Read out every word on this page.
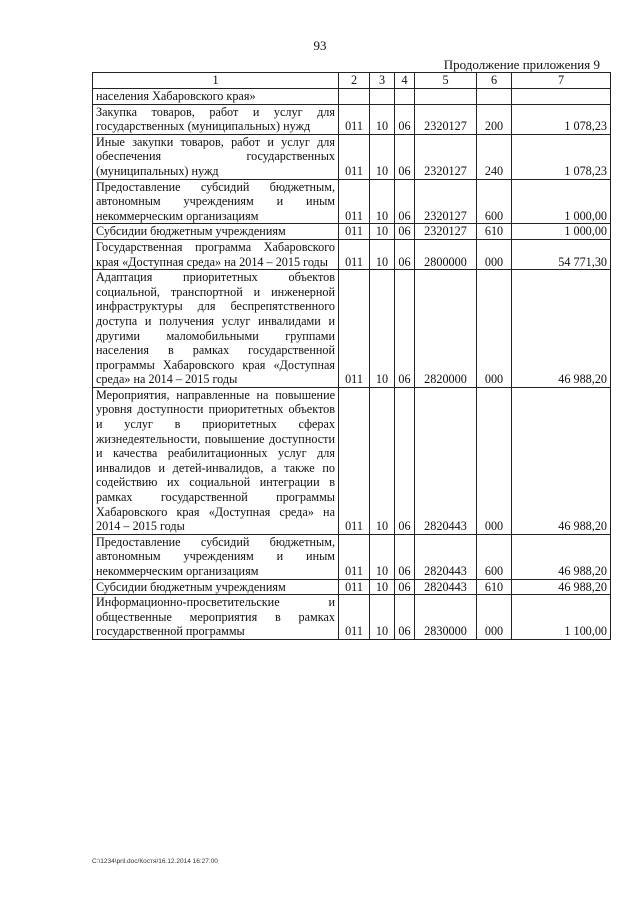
93
Продолжение приложения 9
1	2	3	4	5	6	7
населения Хабаровского края»						
Закупка товаров, работ и услуг для государственных (муниципальных) нужд	011	10	06	2320127	200	1 078,23
Иные закупки товаров, работ и услуг для обеспечения государственных (муниципальных) нужд	011	10	06	2320127	240	1 078,23
Предоставление субсидий бюджетным, автономным учреждениям и иным некоммерческим организациям	011	10	06	2320127	600	1 000,00
Субсидии бюджетным учреждениям	011	10	06	2320127	610	1 000,00
Государственная программа Хабаровского края «Доступная среда» на 2014 – 2015 годы	011	10	06	2800000	000	54 771,30
Адаптация приоритетных объектов социальной, транспортной и инженерной инфраструктуры для беспрепятственного доступа и получения услуг инвалидами и другими маломобильными группами населения в рамках государственной программы Хабаровского края «Доступная среда» на 2014 – 2015 годы	011	10	06	2820000	000	46 988,20
Мероприятия, направленные на повышение уровня доступности приоритетных объектов и услуг в приоритетных сферах жизнедеятельности, повышение доступности и качества реабилитационных услуг для инвалидов и детей-инвалидов, а также по содействию их социальной интеграции в рамках государственной программы Хабаровского края «Доступная среда» на 2014 – 2015 годы	011	10	06	2820443	000	46 988,20
Предоставление субсидий бюджетным, автономным учреждениям и иным некоммерческим организациям	011	10	06	2820443	600	46 988,20
Субсидии бюджетным учреждениям	011	10	06	2820443	610	46 988,20
Информационно-просветительские и общественные мероприятия в рамках государственной программы	011	10	06	2830000	000	1 100,00
C:\1234\pril.doc/Костя/16.12.2014 16:27:00
